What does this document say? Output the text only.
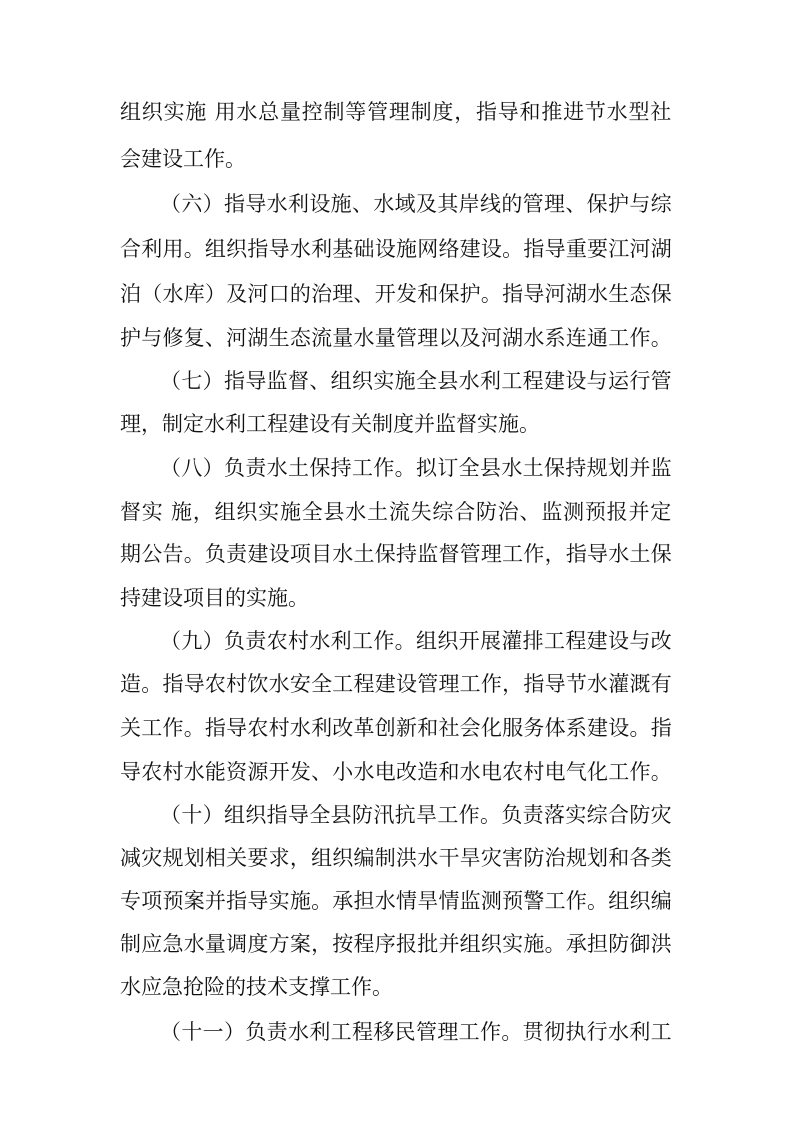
组织实施 用水总量控制等管理制度，指导和推进节水型社
会建设工作。
（六）指导水利设施、水域及其岸线的管理、保护与综
合利用。组织指导水利基础设施网络建设。指导重要江河湖
泊（水库）及河口的治理、开发和保护。指导河湖水生态保
护与修复、河湖生态流量水量管理以及河湖水系连通工作。
（七）指导监督、组织实施全县水利工程建设与运行管
理，制定水利工程建设有关制度并监督实施。
（八）负责水土保持工作。拟订全县水土保持规划并监
督实 施，组织实施全县水土流失综合防治、监测预报并定
期公告。负责建设项目水土保持监督管理工作，指导水土保
持建设项目的实施。
（九）负责农村水利工作。组织开展灌排工程建设与改
造。指导农村饮水安全工程建设管理工作，指导节水灌溉有
关工作。指导农村水利改革创新和社会化服务体系建设。指
导农村水能资源开发、小水电改造和水电农村电气化工作。
（十）组织指导全县防汛抗旱工作。负责落实综合防灾
减灾规划相关要求，组织编制洪水干旱灾害防治规划和各类
专项预案并指导实施。承担水情旱情监测预警工作。组织编
制应急水量调度方案，按程序报批并组织实施。承担防御洪
水应急抢险的技术支撑工作。
（十一）负责水利工程移民管理工作。贯彻执行水利工
